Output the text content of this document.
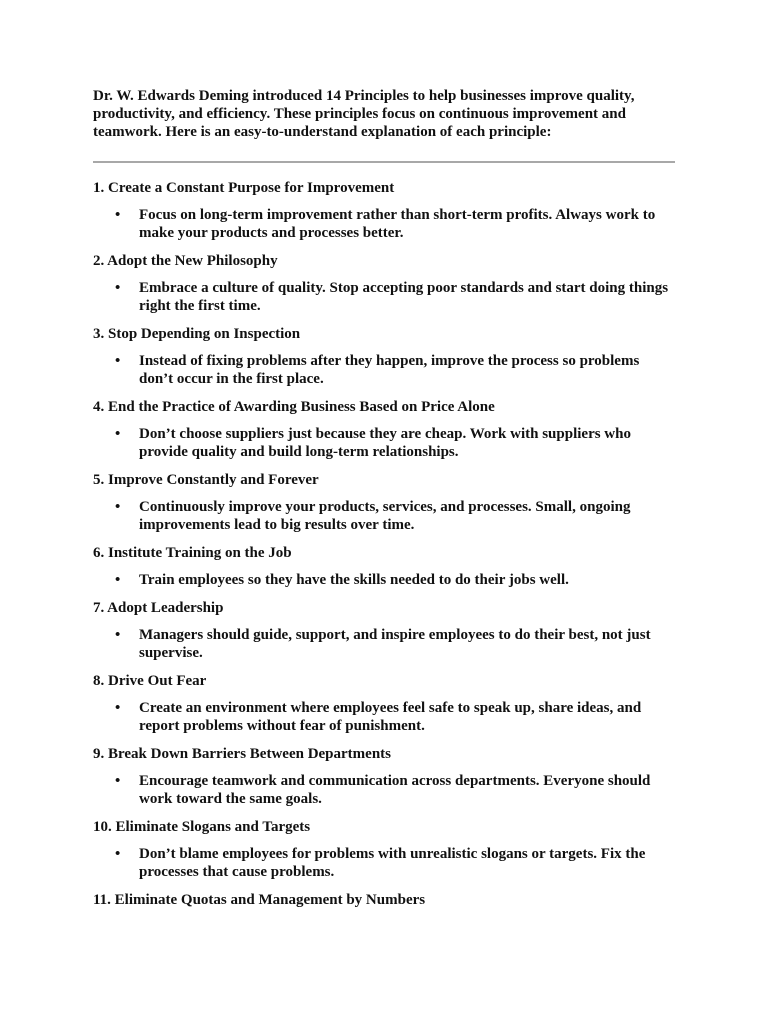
Dr. W. Edwards Deming introduced 14 Principles to help businesses improve quality, productivity, and efficiency. These principles focus on continuous improvement and teamwork. Here is an easy-to-understand explanation of each principle:

1. Create a Constant Purpose for Improvement
• Focus on long-term improvement rather than short-term profits. Always work to make your products and processes better.
2. Adopt the New Philosophy
• Embrace a culture of quality. Stop accepting poor standards and start doing things right the first time.
3. Stop Depending on Inspection
• Instead of fixing problems after they happen, improve the process so problems don’t occur in the first place.
4. End the Practice of Awarding Business Based on Price Alone
• Don’t choose suppliers just because they are cheap. Work with suppliers who provide quality and build long-term relationships.
5. Improve Constantly and Forever
• Continuously improve your products, services, and processes. Small, ongoing improvements lead to big results over time.
6. Institute Training on the Job
• Train employees so they have the skills needed to do their jobs well.
7. Adopt Leadership
• Managers should guide, support, and inspire employees to do their best, not just supervise.
8. Drive Out Fear
• Create an environment where employees feel safe to speak up, share ideas, and report problems without fear of punishment.
9. Break Down Barriers Between Departments
• Encourage teamwork and communication across departments. Everyone should work toward the same goals.
10. Eliminate Slogans and Targets
• Don’t blame employees for problems with unrealistic slogans or targets. Fix the processes that cause problems.
11. Eliminate Quotas and Management by Numbers
